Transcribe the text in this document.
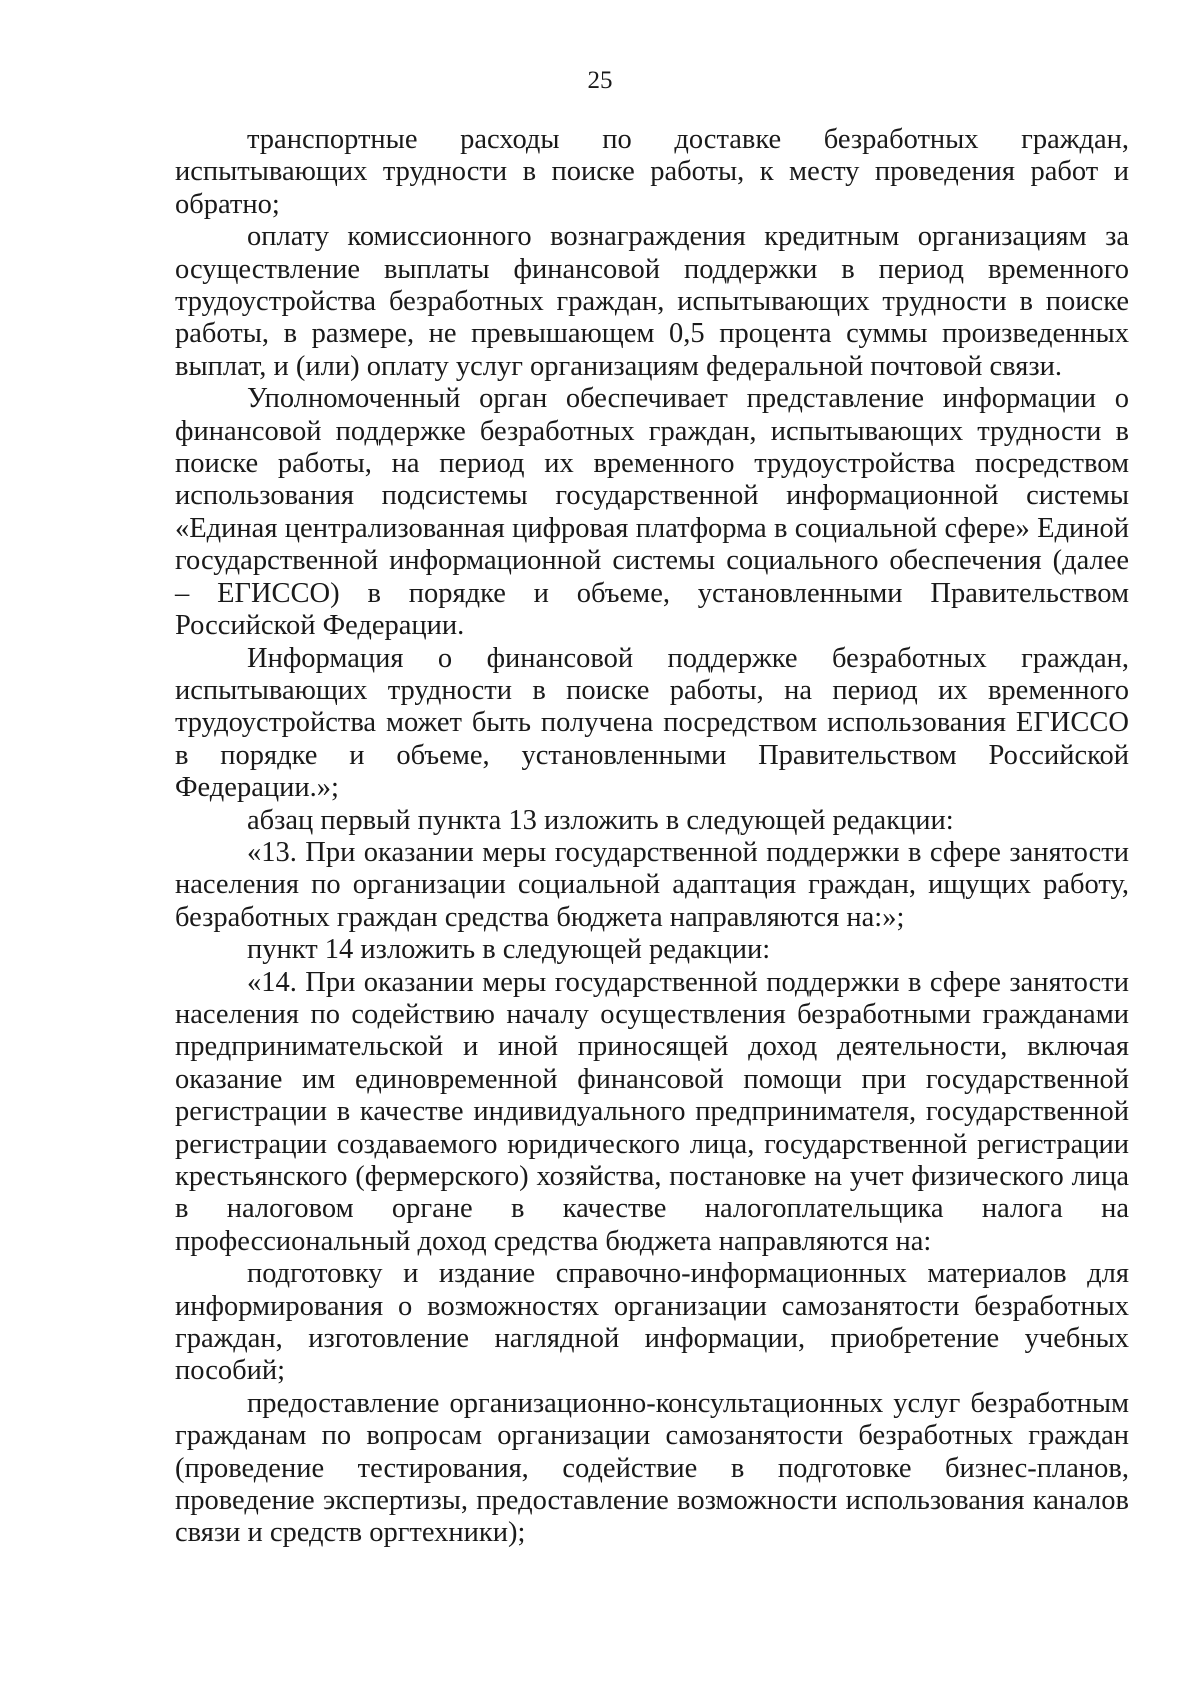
25

транспортные расходы по доставке безработных граждан, испытывающих трудности в поиске работы, к месту проведения работ и обратно;

оплату комиссионного вознаграждения кредитным организациям за осуществление выплаты финансовой поддержки в период временного трудоустройства безработных граждан, испытывающих трудности в поиске работы, в размере, не превышающем 0,5 процента суммы произведенных выплат, и (или) оплату услуг организациям федеральной почтовой связи.

Уполномоченный орган обеспечивает представление информации о финансовой поддержке безработных граждан, испытывающих трудности в поиске работы, на период их временного трудоустройства посредством использования подсистемы государственной информационной системы «Единая централизованная цифровая платформа в социальной сфере» Единой государственной информационной системы социального обеспечения (далее – ЕГИССО) в порядке и объеме, установленными Правительством Российской Федерации.

Информация о финансовой поддержке безработных граждан, испытывающих трудности в поиске работы, на период их временного трудоустройства может быть получена посредством использования ЕГИССО в порядке и объеме, установленными Правительством Российской Федерации.»;

абзац первый пункта 13 изложить в следующей редакции:

«13. При оказании меры государственной поддержки в сфере занятости населения по организации социальной адаптация граждан, ищущих работу, безработных граждан средства бюджета направляются на:»;

пункт 14 изложить в следующей редакции:

«14. При оказании меры государственной поддержки в сфере занятости населения по содействию началу осуществления безработными гражданами предпринимательской и иной приносящей доход деятельности, включая оказание им единовременной финансовой помощи при государственной регистрации в качестве индивидуального предпринимателя, государственной регистрации создаваемого юридического лица, государственной регистрации крестьянского (фермерского) хозяйства, постановке на учет физического лица в налоговом органе в качестве налогоплательщика налога на профессиональный доход средства бюджета направляются на:

подготовку и издание справочно-информационных материалов для информирования о возможностях организации самозанятости безработных граждан, изготовление наглядной информации, приобретение учебных пособий;

предоставление организационно-консультационных услуг безработным гражданам по вопросам организации самозанятости безработных граждан (проведение тестирования, содействие в подготовке бизнес-планов, проведение экспертизы, предоставление возможности использования каналов связи и средств оргтехники);
